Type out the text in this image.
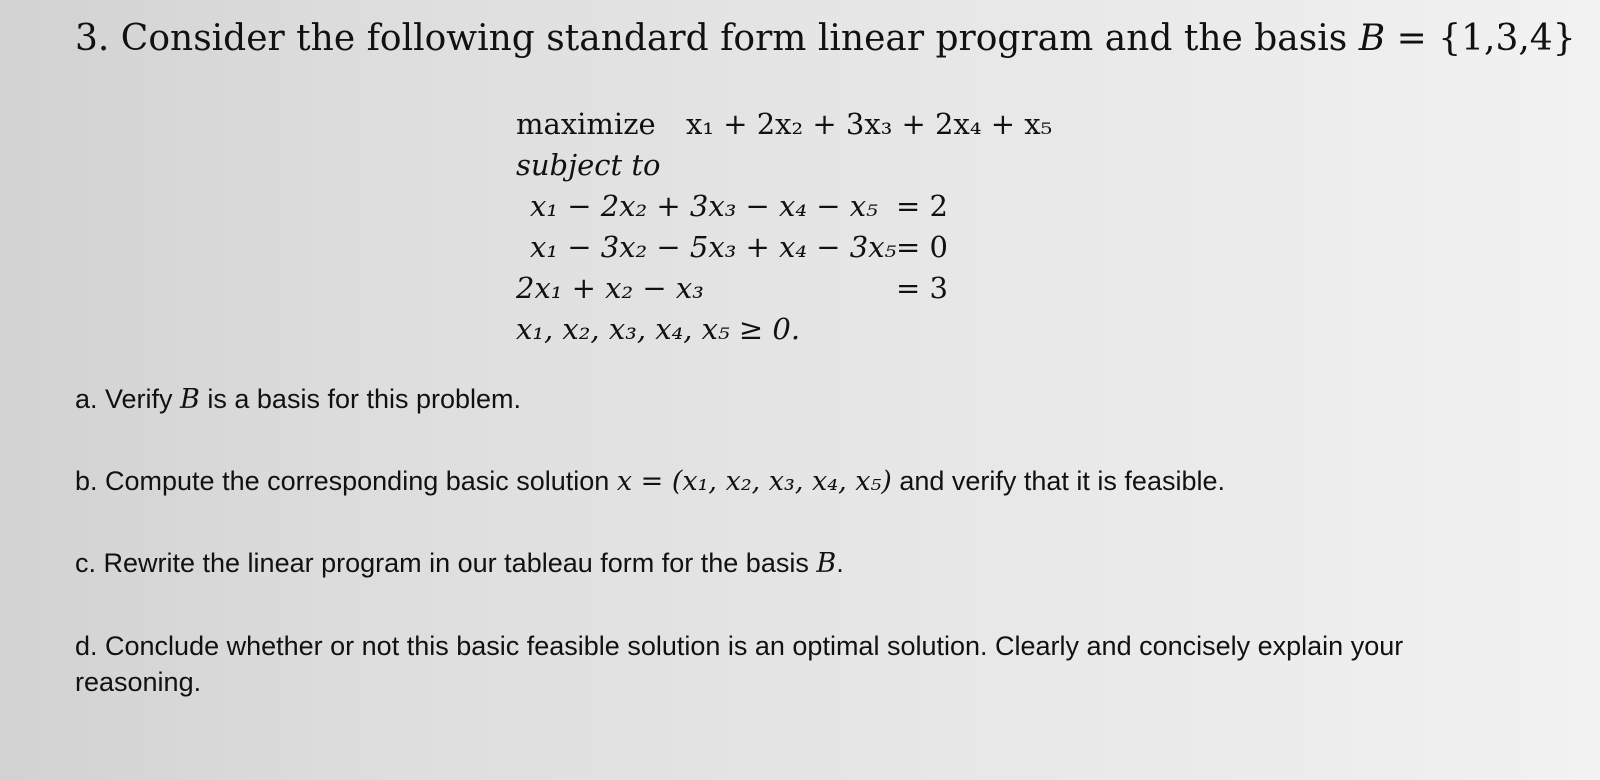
3. Consider the following standard form linear program and the basis B = {1,3,4}
maximize x₁ + 2x₂ + 3x₃ + 2x₄ + x₅
subject to
x₁ − 2x₂ + 3x₃ − x₄ − x₅ = 2
x₁ − 3x₂ − 5x₃ + x₄ − 3x₅ = 0
2x₁ + x₂ − x₃	= 3
x₁, x₂, x₃, x₄, x₅ ≥ 0.
a. Verify B is a basis for this problem.
b. Compute the corresponding basic solution x = (x₁, x₂, x₃, x₄, x₅) and verify that it is feasible.
c. Rewrite the linear program in our tableau form for the basis B.
d. Conclude whether or not this basic feasible solution is an optimal solution. Clearly and concisely explain your reasoning.
